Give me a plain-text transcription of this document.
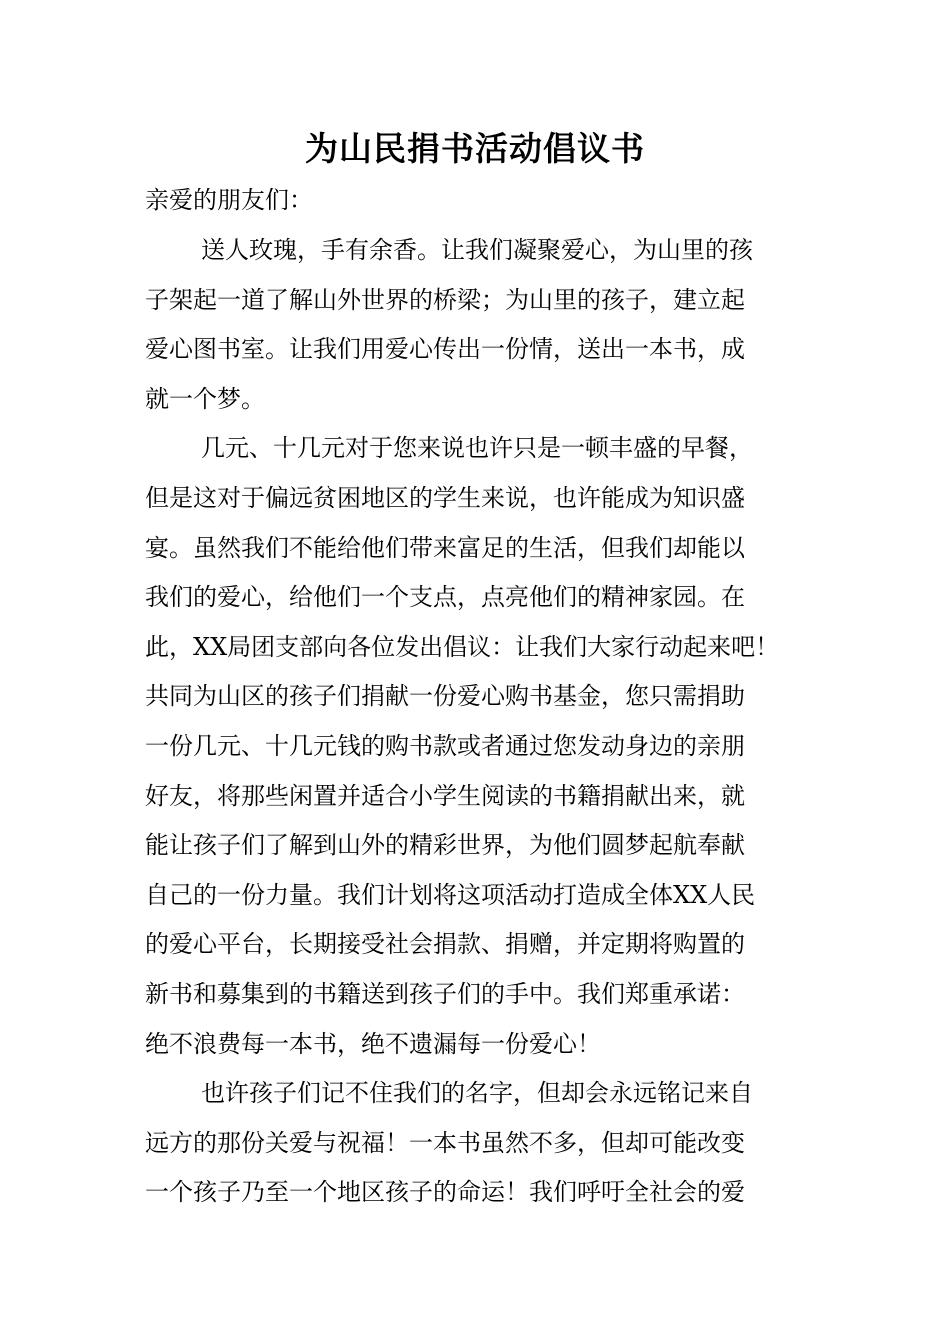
为山民捐书活动倡议书
亲爱的朋友们：
送人玫瑰，手有余香。让我们凝聚爱心，为山里的孩
子架起一道了解山外世界的桥梁；为山里的孩子，建立起
爱心图书室。让我们用爱心传出一份情，送出一本书，成
就一个梦。
几元、十几元对于您来说也许只是一顿丰盛的早餐，
但是这对于偏远贫困地区的学生来说，也许能成为知识盛
宴。虽然我们不能给他们带来富足的生活，但我们却能以
我们的爱心，给他们一个支点，点亮他们的精神家园。在
此，XX局团支部向各位发出倡议：让我们大家行动起来吧！
共同为山区的孩子们捐献一份爱心购书基金，您只需捐助
一份几元、十几元钱的购书款或者通过您发动身边的亲朋
好友，将那些闲置并适合小学生阅读的书籍捐献出来，就
能让孩子们了解到山外的精彩世界，为他们圆梦起航奉献
自己的一份力量。我们计划将这项活动打造成全体XX人民
的爱心平台，长期接受社会捐款、捐赠，并定期将购置的
新书和募集到的书籍送到孩子们的手中。我们郑重承诺：
绝不浪费每一本书，绝不遗漏每一份爱心！
也许孩子们记不住我们的名字，但却会永远铭记来自
远方的那份关爱与祝福！一本书虽然不多，但却可能改变
一个孩子乃至一个地区孩子的命运！我们呼吁全社会的爱
